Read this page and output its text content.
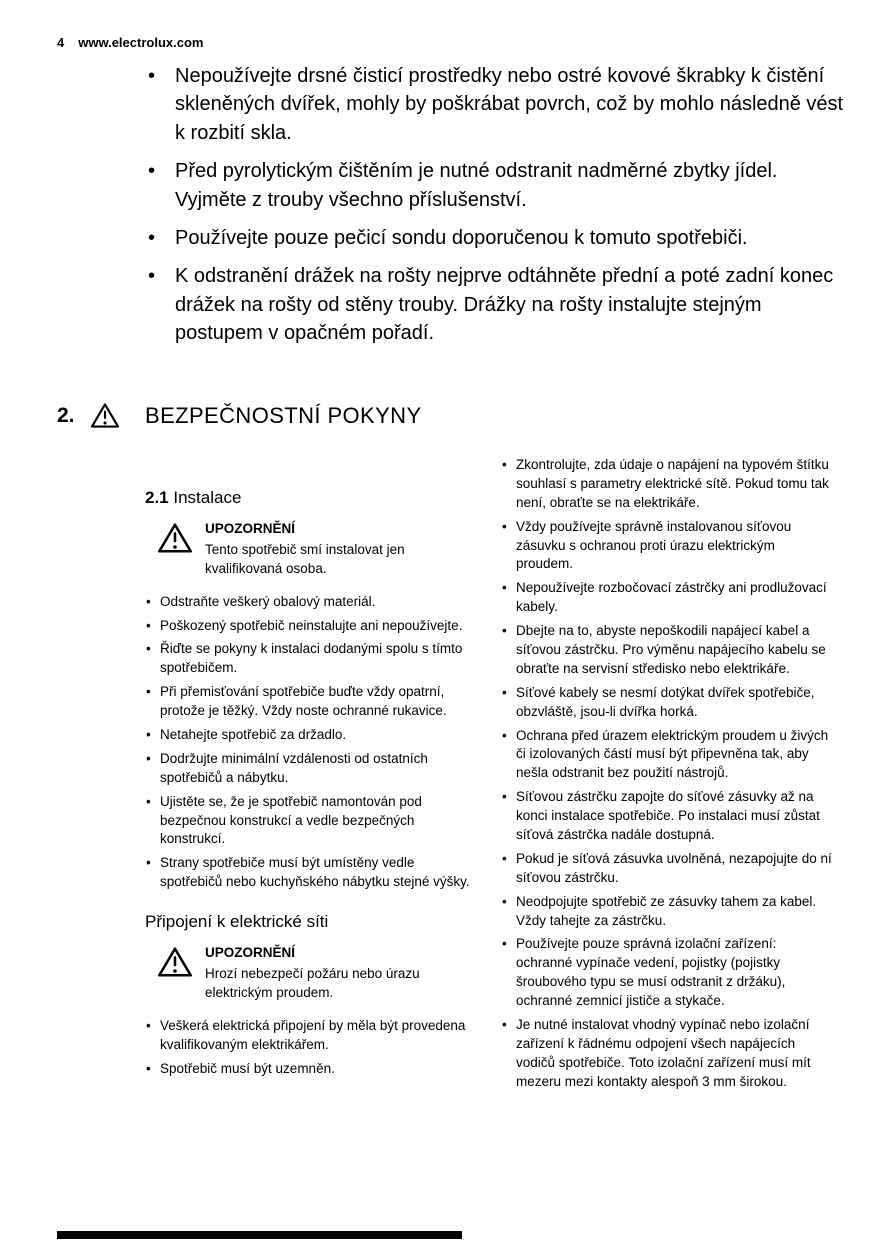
4 www.electrolux.com
• Nepoužívejte drsné čisticí prostředky nebo ostré kovové škrabky k čistění skleněných dvířek, mohly by poškrábat povrch, což by mohlo následně vést k rozbití skla.
• Před pyrolytickým čištěním je nutné odstranit nadměrné zbytky jídel. Vyjměte z trouby všechno příslušenství.
• Používejte pouze pečicí sondu doporučenou k tomuto spotřebiči.
• K odstranění drážek na rošty nejprve odtáhněte přední a poté zadní konec drážek na rošty od stěny trouby. Drážky na rošty instalujte stejným postupem v opačném pořadí.
2.	BEZPEČNOSTNÍ POKYNY
2.1 Instalace
UPOZORNĚNÍ
Tento spotřebič smí instalovat jen kvalifikovaná osoba.
• Odstraňte veškerý obalový materiál.
• Poškozený spotřebič neinstalujte ani nepoužívejte.
• Řiďte se pokyny k instalaci dodanými spolu s tímto spotřebičem.
• Při přemisťování spotřebiče buďte vždy opatrní, protože je těžký. Vždy noste ochranné rukavice.
• Netahejte spotřebič za držadlo.
• Dodržujte minimální vzdálenosti od ostatních spotřebičů a nábytku.
• Ujistěte se, že je spotřebič namontován pod bezpečnou konstrukcí a vedle bezpečných konstrukcí.
• Strany spotřebiče musí být umístěny vedle spotřebičů nebo kuchyňského nábytku stejné výšky.
Připojení k elektrické síti
UPOZORNĚNÍ
Hrozí nebezpečí požáru nebo úrazu elektrickým proudem.
• Veškerá elektrická připojení by měla být provedena kvalifikovaným elektrikářem.
• Spotřebič musí být uzemněn.
• Zkontrolujte, zda údaje o napájení na typovém štítku souhlasí s parametry elektrické sítě. Pokud tomu tak není, obraťte se na elektrikáře.
• Vždy používejte správně instalovanou síťovou zásuvku s ochranou proti úrazu elektrickým proudem.
• Nepoužívejte rozbočovací zástrčky ani prodlužovací kabely.
• Dbejte na to, abyste nepoškodili napájecí kabel a síťovou zástrčku. Pro výměnu napájecího kabelu se obraťte na servisní středisko nebo elektrikáře.
• Síťové kabely se nesmí dotýkat dvířek spotřebiče, obzvláště, jsou-li dvířka horká.
• Ochrana před úrazem elektrickým proudem u živých či izolovaných částí musí být připevněna tak, aby nešla odstranit bez použití nástrojů.
• Síťovou zástrčku zapojte do síťové zásuvky až na konci instalace spotřebiče. Po instalaci musí zůstat síťová zástrčka nadále dostupná.
• Pokud je síťová zásuvka uvolněná, nezapojujte do ní síťovou zástrčku.
• Neodpojujte spotřebič ze zásuvky tahem za kabel. Vždy tahejte za zástrčku.
• Používejte pouze správná izolační zařízení: ochranné vypínače vedení, pojistky (pojistky šroubového typu se musí odstranit z držáku), ochranné zemnicí jističe a stykače.
• Je nutné instalovat vhodný vypínač nebo izolační zařízení k řádnému odpojení všech napájecích vodičů spotřebiče. Toto izolační zařízení musí mít mezeru mezi kontakty alespoň 3 mm širokou.
